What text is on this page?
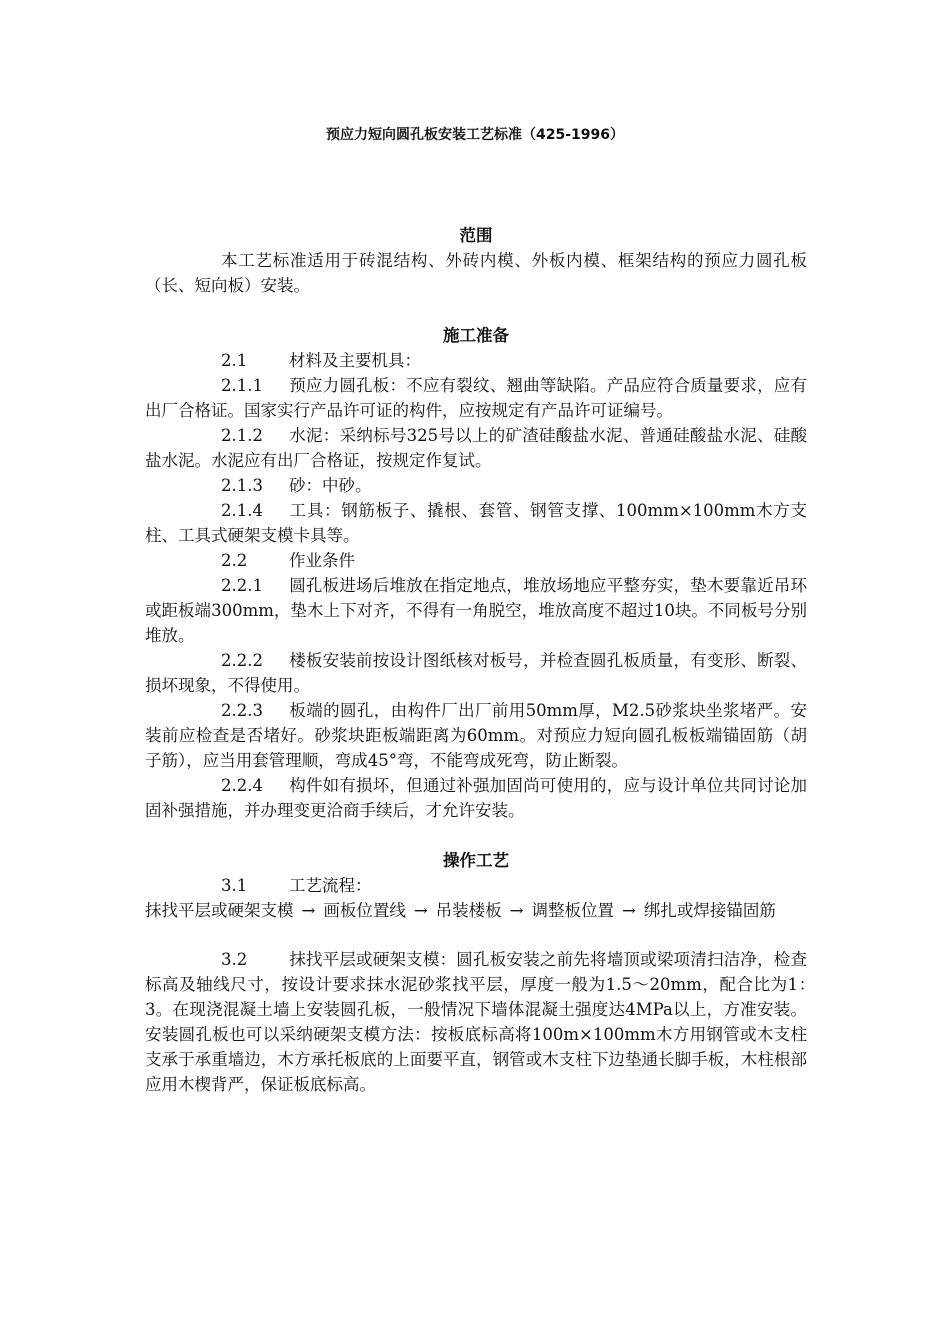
预应力短向圆孔板安装工艺标准（425-1996）

范围

本工艺标准适用于砖混结构、外砖内模、外板内模、框架结构的预应力圆孔板（长、短向板）安装。

施工准备

2.1	材料及主要机具：

2.1.1 预应力圆孔板：不应有裂纹、翘曲等缺陷。产品应符合质量要求，应有出厂合格证。国家实行产品许可证的构件，应按规定有产品许可证编号。

2.1.2 水泥：采纳标号325号以上的矿渣硅酸盐水泥、普通硅酸盐水泥、硅酸盐水泥。水泥应有出厂合格证，按规定作复试。

2.1.3 砂：中砂。

2.1.4 工具：钢筋板子、撬根、套管、钢管支撑、100mm×100mm木方支柱、工具式硬架支模卡具等。

2.2	作业条件

2.2.1 圆孔板进场后堆放在指定地点，堆放场地应平整夯实，垫木要靠近吊环或距板端300mm，垫木上下对齐，不得有一角脱空，堆放高度不超过10块。不同板号分别堆放。

2.2.2 楼板安装前按设计图纸核对板号，并检查圆孔板质量，有变形、断裂、损坏现象，不得使用。

2.2.3 板端的圆孔，由构件厂出厂前用50mm厚，M2.5砂浆块坐浆堵严。安装前应检查是否堵好。砂浆块距板端距离为60mm。对预应力短向圆孔板板端锚固筋（胡子筋），应当用套管理顺，弯成45°弯，不能弯成死弯，防止断裂。

2.2.4 构件如有损坏，但通过补强加固尚可使用的，应与设计单位共同讨论加固补强措施，并办理变更洽商手续后，才允许安装。

操作工艺

3.1	工艺流程：

抹找平层或硬架支模 → 画板位置线 → 吊装楼板 → 调整板位置 → 绑扎或焊接锚固筋

3.2	抹找平层或硬架支模：圆孔板安装之前先将墙顶或梁项清扫洁净，检查标高及轴线尺寸，按设计要求抹水泥砂浆找平层，厚度一般为1.5～20mm，配合比为1：　3。在现浇混凝土墙上安装圆孔板，一般情况下墙体混凝土强度达4MPa以上，方准安装。安装圆孔板也可以采纳硬架支模方法：按板底标高将100m×100mm木方用钢管或木支柱支承于承重墙边，木方承托板底的上面要平直，钢管或木支柱下边垫通长脚手板，木柱根部应用木楔背严，保证板底标高。
